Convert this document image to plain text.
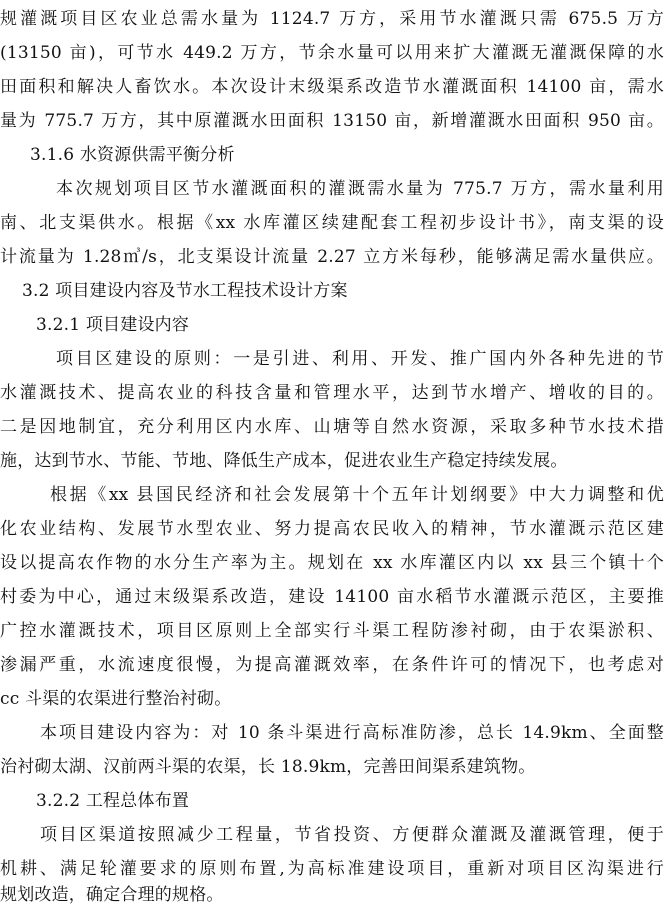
规灌溉项目区农业总需水量为 1124.7 万方，采用节水灌溉只需 675.5 万方
(13150 亩)，可节水 449.2 万方，节余水量可以用来扩大灌溉无灌溉保障的水
田面积和解决人畜饮水。本次设计末级渠系改造节水灌溉面积 14100 亩，需水
量为 775.7 万方，其中原灌溉水田面积 13150 亩，新增灌溉水田面积 950 亩。
3.1.6 水资源供需平衡分析
本次规划项目区节水灌溉面积的灌溉需水量为 775.7 万方，需水量利用
南、北支渠供水。根据《xx 水库灌区续建配套工程初步设计书》，南支渠的设
计流量为 1.28㎥/s，北支渠设计流量 2.27 立方米每秒，能够满足需水量供应。
3.2 项目建设内容及节水工程技术设计方案
3.2.1 项目建设内容
项目区建设的原则：一是引进、利用、开发、推广国内外各种先进的节
水灌溉技术、提高农业的科技含量和管理水平，达到节水增产、增收的目的。
二是因地制宜，充分利用区内水库、山塘等自然水资源，采取多种节水技术措
施，达到节水、节能、节地、降低生产成本，促进农业生产稳定持续发展。
根据《xx 县国民经济和社会发展第十个五年计划纲要》中大力调整和优
化农业结构、发展节水型农业、努力提高农民收入的精神，节水灌溉示范区建
设以提高农作物的水分生产率为主。规划在 xx 水库灌区内以 xx 县三个镇十个
村委为中心，通过末级渠系改造，建设 14100 亩水稻节水灌溉示范区，主要推
广控水灌溉技术，项目区原则上全部实行斗渠工程防渗衬砌，由于农渠淤积、
渗漏严重，水流速度很慢，为提高灌溉效率，在条件许可的情况下，也考虑对
cc 斗渠的农渠进行整治衬砌。
本项目建设内容为：对 10 条斗渠进行高标准防渗，总长 14.9km、全面整
治衬砌太湖、汉前两斗渠的农渠，长 18.9km，完善田间渠系建筑物。
3.2.2 工程总体布置
项目区渠道按照减少工程量，节省投资、方便群众灌溉及灌溉管理，便于
机耕、满足轮灌要求的原则布置,为高标准建设项目，重新对项目区沟渠进行
规划改造，确定合理的规格。
